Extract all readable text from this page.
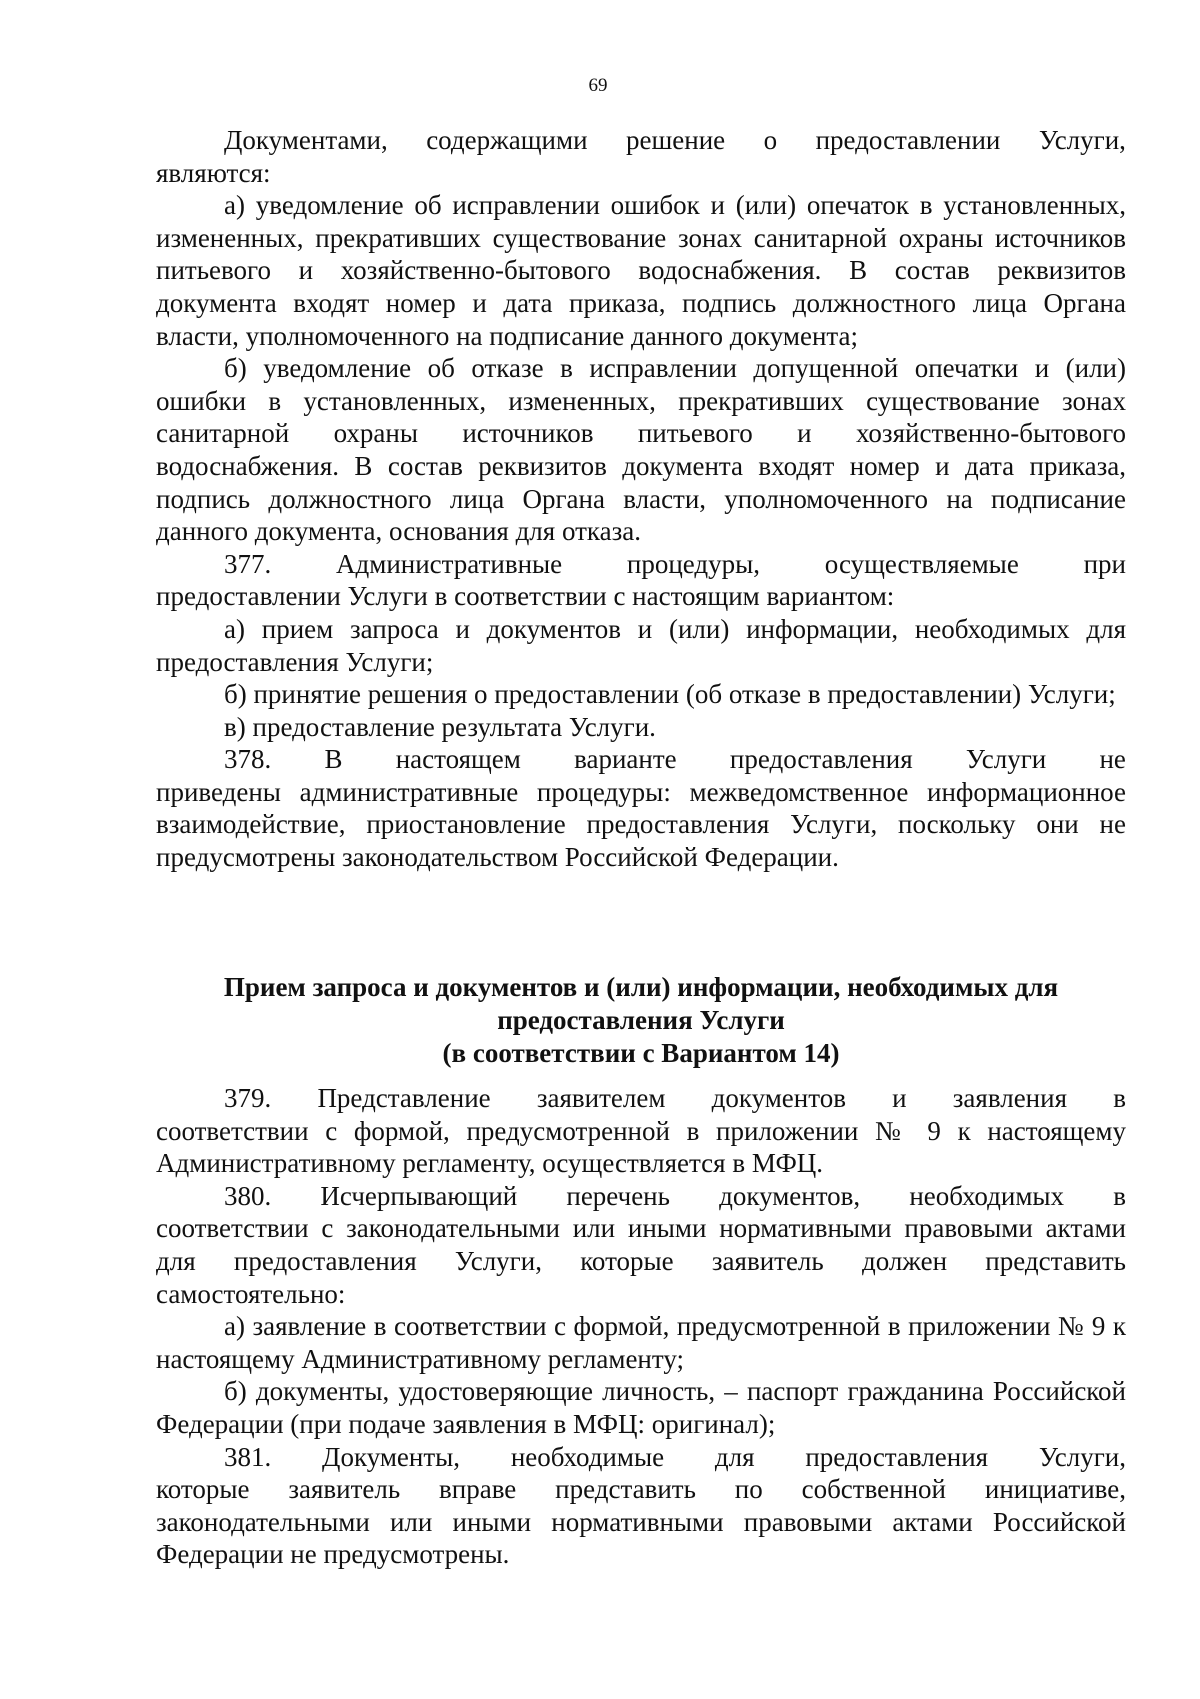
69

Документами, содержащими решение о предоставлении Услуги,

являются:

а) уведомление об исправлении ошибок и (или) опечаток в установленных, измененных, прекративших существование зонах санитарной охраны источников питьевого и хозяйственно-бытового водоснабжения. В состав реквизитов документа входят номер и дата приказа, подпись должностного лица Органа власти, уполномоченного на подписание данного документа;

б) уведомление об отказе в исправлении допущенной опечатки и (или) ошибки в установленных, измененных, прекративших существование зонах санитарной охраны источников питьевого и хозяйственно-бытового водоснабжения. В состав реквизитов документа входят номер и дата приказа, подпись должностного лица Органа власти, уполномоченного на подписание данного документа, основания для отказа.

377. Административные процедуры, осуществляемые при

предоставлении Услуги в соответствии с настоящим вариантом:

а) прием запроса и документов и (или) информации, необходимых для предоставления Услуги;

б) принятие решения о предоставлении (об отказе в предоставлении) Услуги;

в) предоставление результата Услуги.

378. В настоящем варианте предоставления Услуги не

приведены административные процедуры: межведомственное информационное взаимодействие, приостановление предоставления Услуги, поскольку они не предусмотрены законодательством Российской Федерации.

Прием запроса и документов и (или) информации, необходимых для
предоставления Услуги
(в соответствии с Вариантом 14)

379. Представление заявителем документов и заявления в

соответствии с формой, предусмотренной в приложении № 9 к настоящему Административному регламенту, осуществляется в МФЦ.

380. Исчерпывающий перечень документов, необходимых в

соответствии с законодательными или иными нормативными правовыми актами для предоставления Услуги, которые заявитель должен представить самостоятельно:

а) заявление в соответствии с формой, предусмотренной в приложении № 9 к настоящему Административному регламенту;

б) документы, удостоверяющие личность, – паспорт гражданина Российской Федерации (при подаче заявления в МФЦ: оригинал);

381. Документы, необходимые для предоставления Услуги,

которые заявитель вправе представить по собственной инициативе, законодательными или иными нормативными правовыми актами Российской Федерации не предусмотрены.
